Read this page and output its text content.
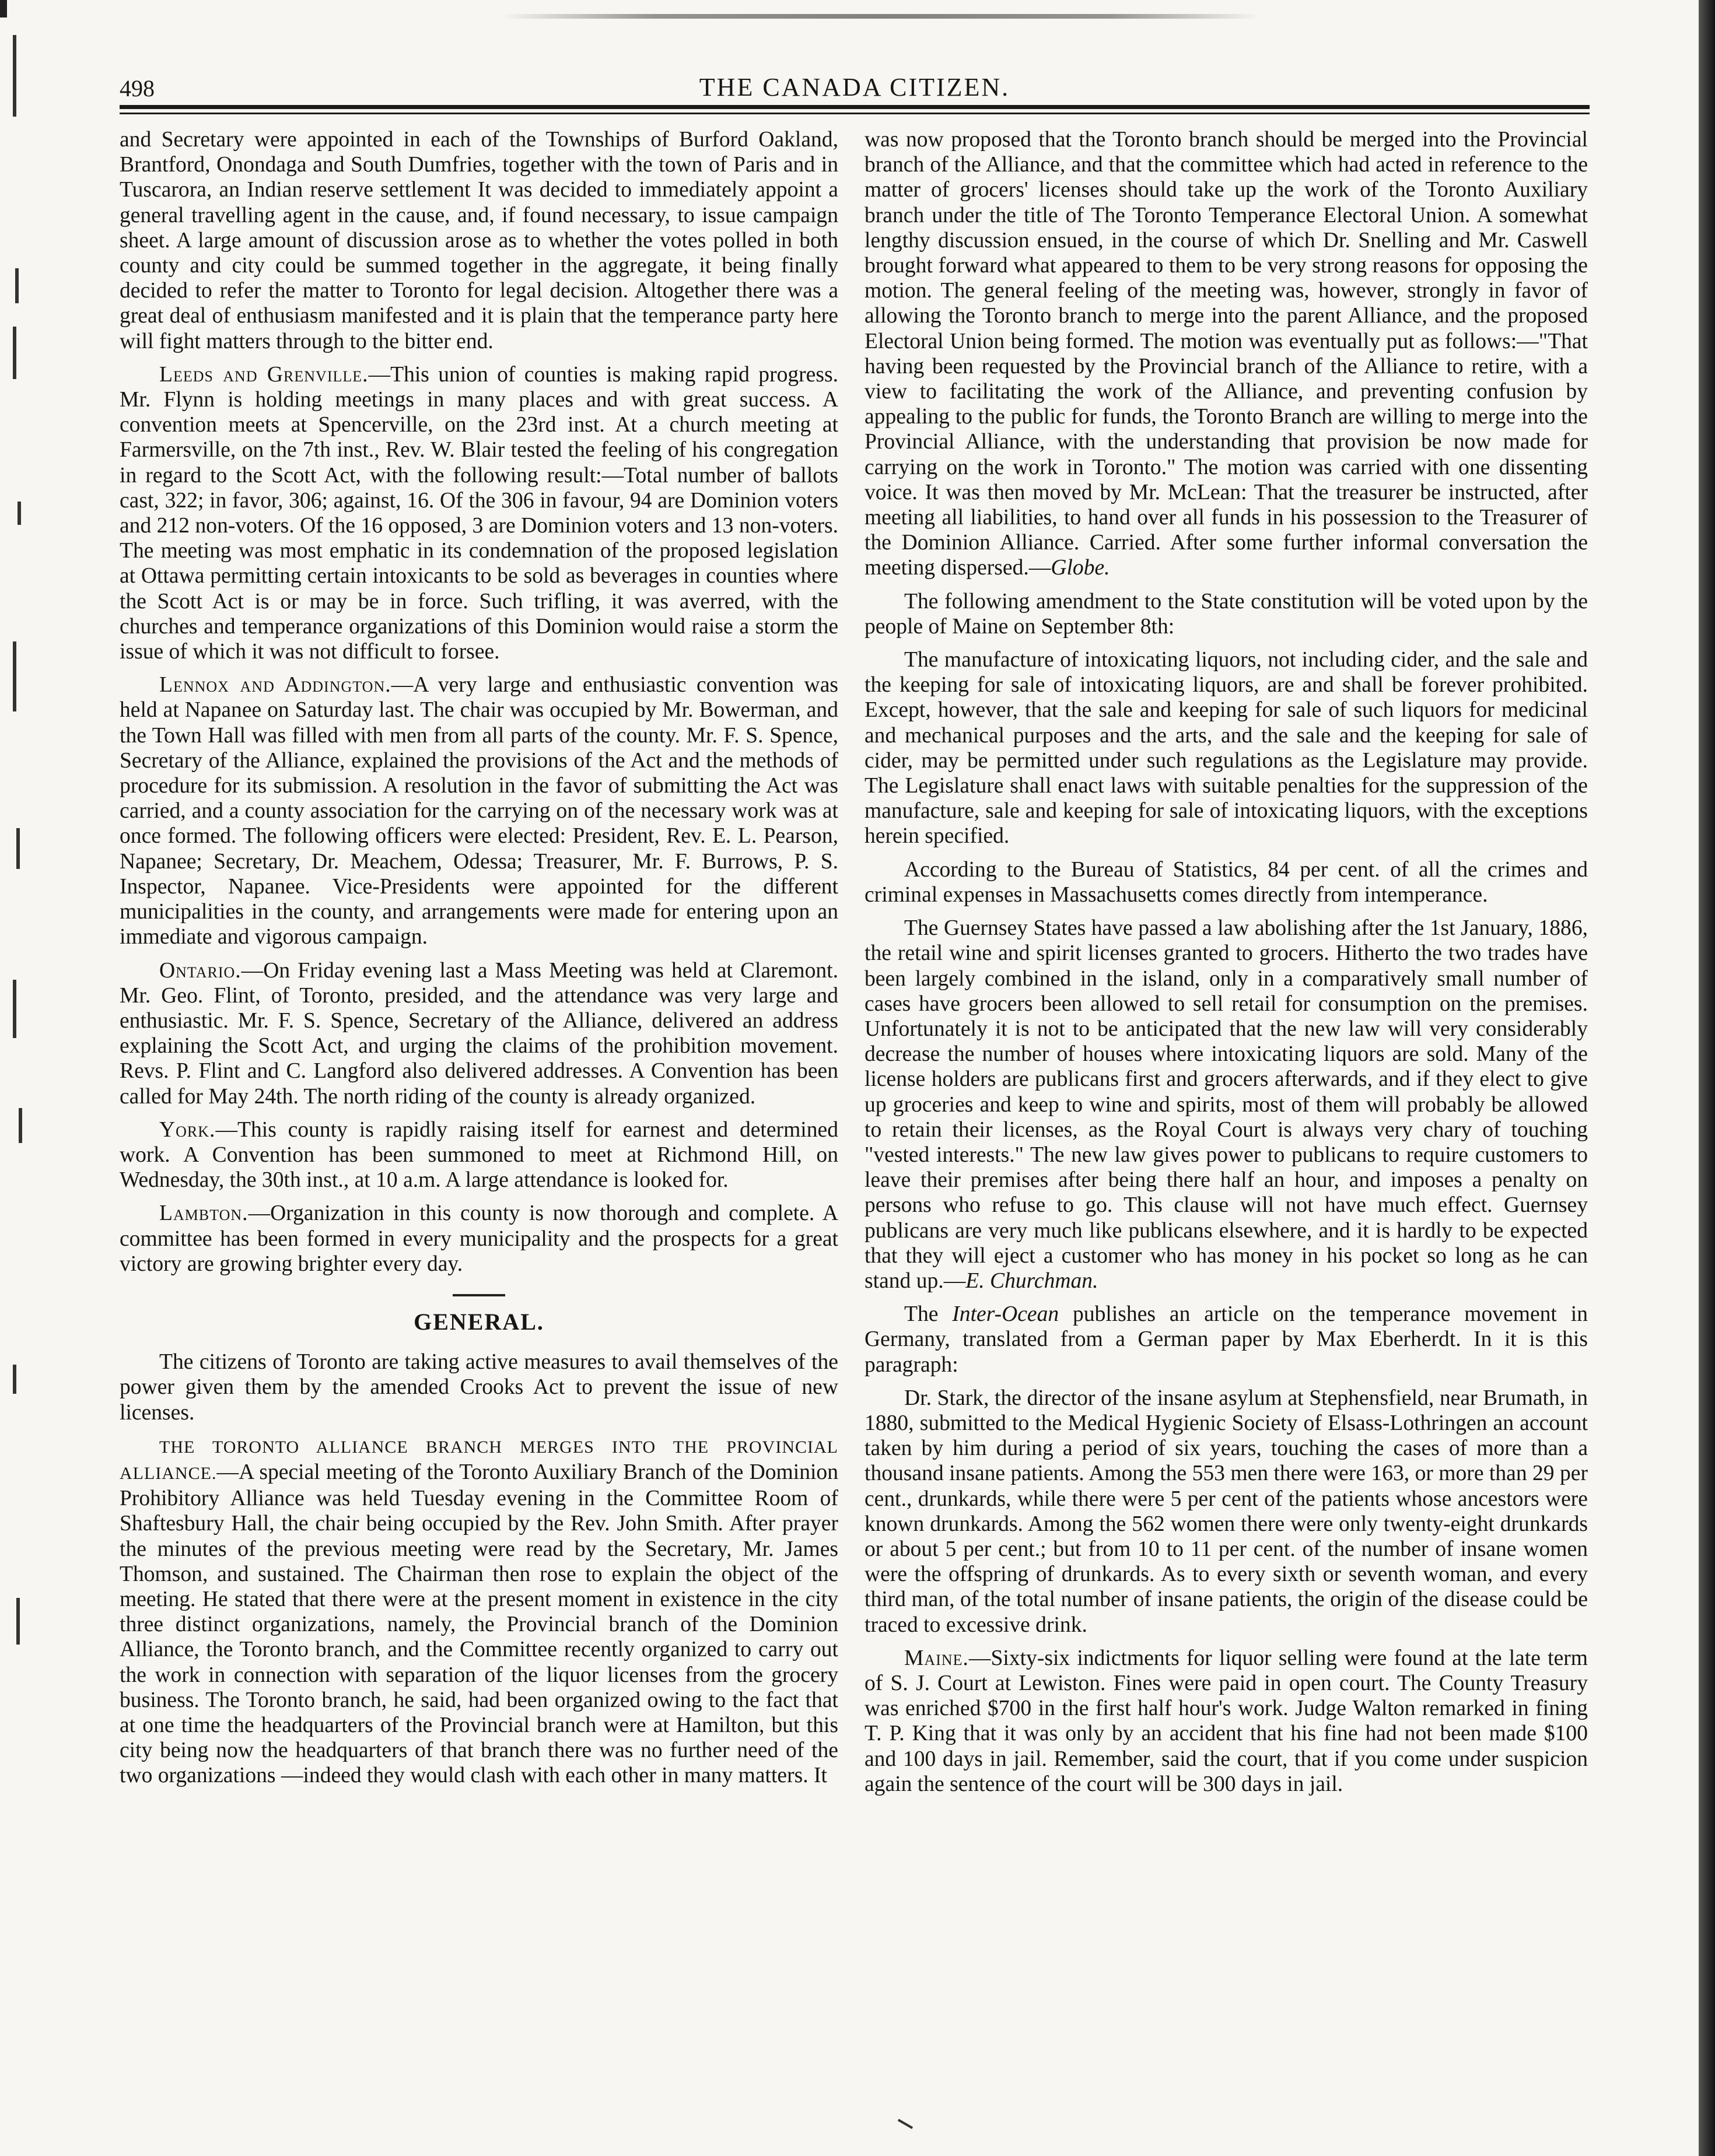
498	THE CANADA CITIZEN.

and Secretary were appointed in each of the Townships of Burford Oakland, Brantford, Onondaga and South Dumfries, together with the town of Paris and in Tuscarora, an Indian reserve settlement It was decided to immediately appoint a general travelling agent in the cause, and, if found necessary, to issue campaign sheet. A large amount of discussion arose as to whether the votes polled in both county and city could be summed together in the aggregate, it being finally decided to refer the matter to Toronto for legal decision. Altogether there was a great deal of enthusiasm manifested and it is plain that the temperance party here will fight matters through to the bitter end.

Leeds and Grenville.—This union of counties is making rapid progress. Mr. Flynn is holding meetings in many places and with great success. A convention meets at Spencerville, on the 23rd inst. At a church meeting at Farmersville, on the 7th inst., Rev. W. Blair tested the feeling of his congregation in regard to the Scott Act, with the following result:—Total number of ballots cast, 322; in favor, 306; against, 16. Of the 306 in favour, 94 are Dominion voters and 212 non-voters. Of the 16 opposed, 3 are Dominion voters and 13 non-voters. The meeting was most emphatic in its condemnation of the proposed legislation at Ottawa permitting certain intoxicants to be sold as beverages in counties where the Scott Act is or may be in force. Such trifling, it was averred, with the churches and temperance organizations of this Dominion would raise a storm the issue of which it was not difficult to forsee.

Lennox and Addington.—A very large and enthusiastic convention was held at Napanee on Saturday last. The chair was occupied by Mr. Bowerman, and the Town Hall was filled with men from all parts of the county. Mr. F. S. Spence, Secretary of the Alliance, explained the provisions of the Act and the methods of procedure for its submission. A resolution in the favor of submitting the Act was carried, and a county association for the carrying on of the necessary work was at once formed. The following officers were elected: President, Rev. E. L. Pearson, Napanee; Secretary, Dr. Meachem, Odessa; Treasurer, Mr. F. Burrows, P. S. Inspector, Napanee. Vice-Presidents were appointed for the different municipalities in the county, and arrangements were made for entering upon an immediate and vigorous campaign.

Ontario.—On Friday evening last a Mass Meeting was held at Claremont. Mr. Geo. Flint, of Toronto, presided, and the attendance was very large and enthusiastic. Mr. F. S. Spence, Secretary of the Alliance, delivered an address explaining the Scott Act, and urging the claims of the prohibition movement. Revs. P. Flint and C. Langford also delivered addresses. A Convention has been called for May 24th. The north riding of the county is already organized.

York.—This county is rapidly raising itself for earnest and determined work. A Convention has been summoned to meet at Richmond Hill, on Wednesday, the 30th inst., at 10 a.m. A large attendance is looked for.

Lambton.—Organization in this county is now thorough and complete. A committee has been formed in every municipality and the prospects for a great victory are growing brighter every day.

GENERAL.

The citizens of Toronto are taking active measures to avail themselves of the power given them by the amended Crooks Act to prevent the issue of new licenses.

THE TORONTO ALLIANCE BRANCH MERGES INTO THE PROVINCIAL ALLIANCE.—A special meeting of the Toronto Auxiliary Branch of the Dominion Prohibitory Alliance was held Tuesday evening in the Committee Room of Shaftesbury Hall, the chair being occupied by the Rev. John Smith. After prayer the minutes of the previous meeting were read by the Secretary, Mr. James Thomson, and sustained. The Chairman then rose to explain the object of the meeting. He stated that there were at the present moment in existence in the city three distinct organizations, namely, the Provincial branch of the Dominion Alliance, the Toronto branch, and the Committee recently organized to carry out the work in connection with separation of the liquor licenses from the grocery business. The Toronto branch, he said, had been organized owing to the fact that at one time the headquarters of the Provincial branch were at Hamilton, but this city being now the headquarters of that branch there was no further need of the two organizations —indeed they would clash with each other in many matters. It

was now proposed that the Toronto branch should be merged into the Provincial branch of the Alliance, and that the committee which had acted in reference to the matter of grocers' licenses should take up the work of the Toronto Auxiliary branch under the title of The Toronto Temperance Electoral Union. A somewhat lengthy discussion ensued, in the course of which Dr. Snelling and Mr. Caswell brought forward what appeared to them to be very strong reasons for opposing the motion. The general feeling of the meeting was, however, strongly in favor of allowing the Toronto branch to merge into the parent Alliance, and the proposed Electoral Union being formed. The motion was eventually put as follows:—"That having been requested by the Provincial branch of the Alliance to retire, with a view to facilitating the work of the Alliance, and preventing confusion by appealing to the public for funds, the Toronto Branch are willing to merge into the Provincial Alliance, with the understanding that provision be now made for carrying on the work in Toronto." The motion was carried with one dissenting voice. It was then moved by Mr. McLean: That the treasurer be instructed, after meeting all liabilities, to hand over all funds in his possession to the Treasurer of the Dominion Alliance. Carried. After some further informal conversation the meeting dispersed.—Globe.

The following amendment to the State constitution will be voted upon by the people of Maine on September 8th:

The manufacture of intoxicating liquors, not including cider, and the sale and the keeping for sale of intoxicating liquors, are and shall be forever prohibited. Except, however, that the sale and keeping for sale of such liquors for medicinal and mechanical purposes and the arts, and the sale and the keeping for sale of cider, may be permitted under such regulations as the Legislature may provide. The Legislature shall enact laws with suitable penalties for the suppression of the manufacture, sale and keeping for sale of intoxicating liquors, with the exceptions herein specified.

According to the Bureau of Statistics, 84 per cent. of all the crimes and criminal expenses in Massachusetts comes directly from intemperance.

The Guernsey States have passed a law abolishing after the 1st January, 1886, the retail wine and spirit licenses granted to grocers. Hitherto the two trades have been largely combined in the island, only in a comparatively small number of cases have grocers been allowed to sell retail for consumption on the premises. Unfortunately it is not to be anticipated that the new law will very considerably decrease the number of houses where intoxicating liquors are sold. Many of the license holders are publicans first and grocers afterwards, and if they elect to give up groceries and keep to wine and spirits, most of them will probably be allowed to retain their licenses, as the Royal Court is always very chary of touching "vested interests." The new law gives power to publicans to require customers to leave their premises after being there half an hour, and imposes a penalty on persons who refuse to go. This clause will not have much effect. Guernsey publicans are very much like publicans elsewhere, and it is hardly to be expected that they will eject a customer who has money in his pocket so long as he can stand up.—E. Churchman.

The Inter-Ocean publishes an article on the temperance movement in Germany, translated from a German paper by Max Eberherdt. In it is this paragraph:

Dr. Stark, the director of the insane asylum at Stephensfield, near Brumath, in 1880, submitted to the Medical Hygienic Society of Elsass-Lothringen an account taken by him during a period of six years, touching the cases of more than a thousand insane patients. Among the 553 men there were 163, or more than 29 per cent., drunkards, while there were 5 per cent of the patients whose ancestors were known drunkards. Among the 562 women there were only twenty-eight drunkards or about 5 per cent.; but from 10 to 11 per cent. of the number of insane women were the offspring of drunkards. As to every sixth or seventh woman, and every third man, of the total number of insane patients, the origin of the disease could be traced to excessive drink.

Maine.—Sixty-six indictments for liquor selling were found at the late term of S. J. Court at Lewiston. Fines were paid in open court. The County Treasury was enriched $700 in the first half hour's work. Judge Walton remarked in fining T. P. King that it was only by an accident that his fine had not been made $100 and 100 days in jail. Remember, said the court, that if you come under suspicion again the sentence of the court will be 300 days in jail.
